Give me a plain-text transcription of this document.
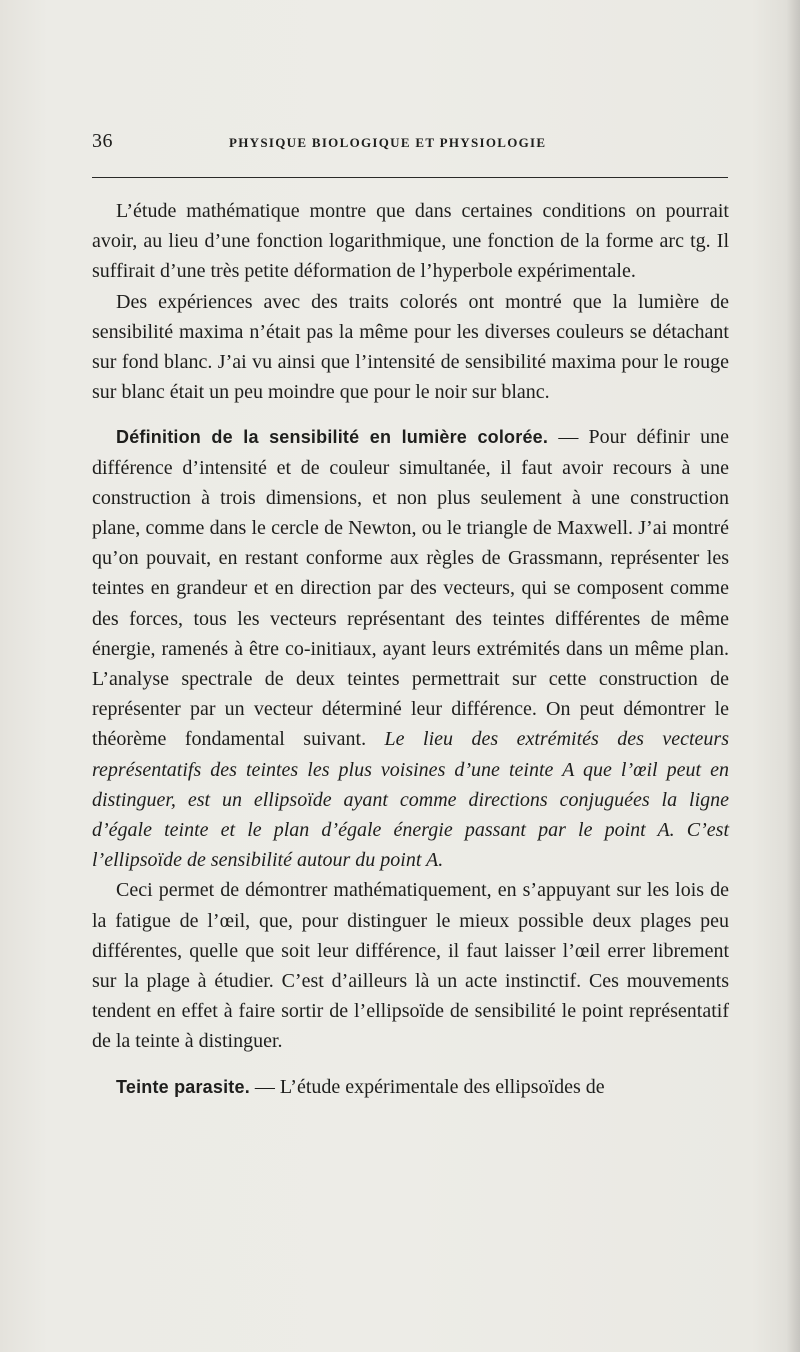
36	PHYSIQUE BIOLOGIQUE ET PHYSIOLOGIE

L’étude mathématique montre que dans certaines conditions on pourrait avoir, au lieu d’une fonction logarithmique, une fonction de la forme arc tg. Il suffirait d’une très petite déformation de l’hyperbole expérimentale.

Des expériences avec des traits colorés ont montré que la lumière de sensibilité maxima n’était pas la même pour les diverses couleurs se détachant sur fond blanc. J’ai vu ainsi que l’intensité de sensibilité maxima pour le rouge sur blanc était un peu moindre que pour le noir sur blanc.

Définition de la sensibilité en lumière colorée. — Pour définir une différence d’intensité et de couleur simultanée, il faut avoir recours à une construction à trois dimensions, et non plus seulement à une construction plane, comme dans le cercle de Newton, ou le triangle de Maxwell. J’ai montré qu’on pouvait, en restant conforme aux règles de Grassmann, représenter les teintes en grandeur et en direction par des vecteurs, qui se composent comme des forces, tous les vecteurs représentant des teintes différentes de même énergie, ramenés à être co-initiaux, ayant leurs extrémités dans un même plan. L’analyse spectrale de deux teintes permettrait sur cette construction de représenter par un vecteur déterminé leur différence. On peut démontrer le théorème fondamental suivant. Le lieu des extrémités des vecteurs représentatifs des teintes les plus voisines d’une teinte A que l’œil peut en distinguer, est un ellipsoïde ayant comme directions conjuguées la ligne d’égale teinte et le plan d’égale énergie passant par le point A. C’est l’ellipsoïde de sensibilité autour du point A.

Ceci permet de démontrer mathématiquement, en s’appuyant sur les lois de la fatigue de l’œil, que, pour distinguer le mieux possible deux plages peu différentes, quelle que soit leur différence, il faut laisser l’œil errer librement sur la plage à étudier. C’est d’ailleurs là un acte instinctif. Ces mouvements tendent en effet à faire sortir de l’ellipsoïde de sensibilité le point représentatif de la teinte à distinguer.

Teinte parasite. — L’étude expérimentale des ellipsoïdes de
